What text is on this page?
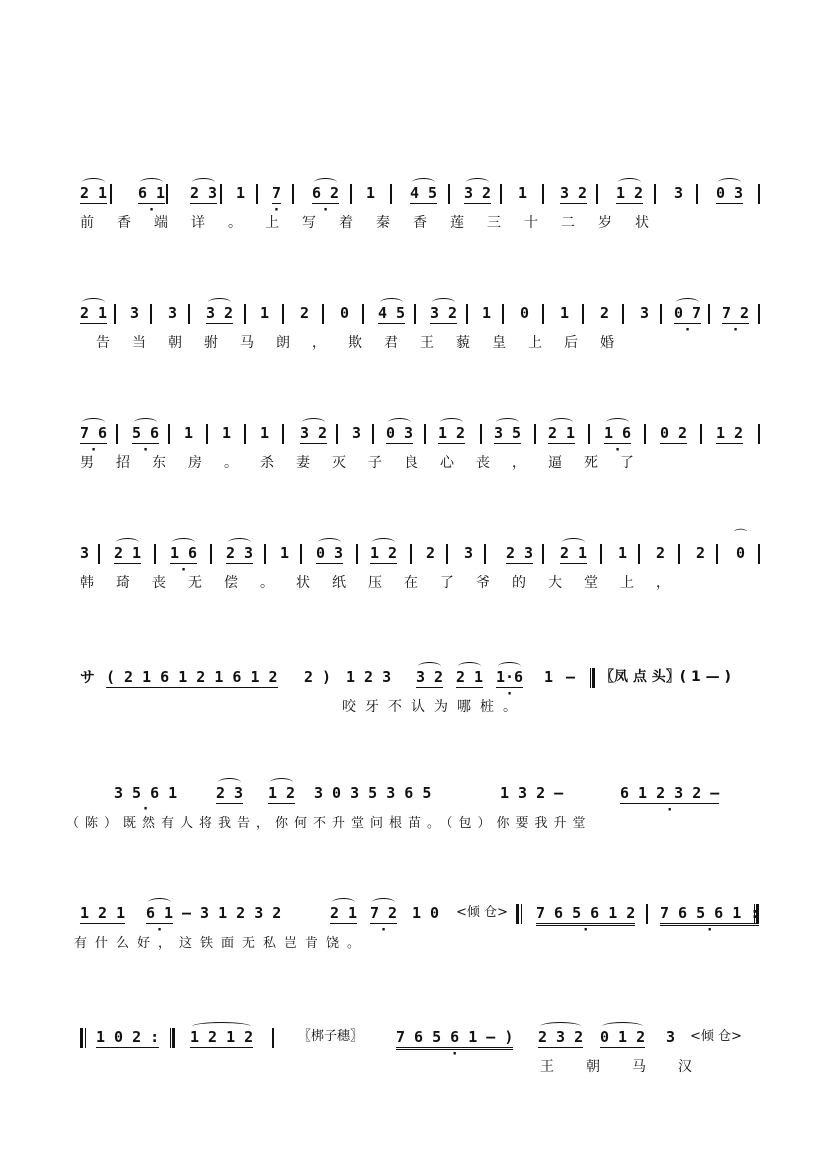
2 1 6 1 · 2 3 1 7 · 6 2 · 1 4 5 3 2 1 3 2 1 2 3 0 3
前香端详。上写着秦香莲三十二岁状
2 1 3 3 3 2 1 2 0 4 5 3 2 1 0 1 2 3 0 7 · 7 2 ·
告当朝驸马朗，欺君王藐皇上后婚
7 6 · 5 6 · 1 1 1 3 2 3 0 3 1 2 3 5 2 1 1 6 · 0 2 1 2
男招东房。杀妻灭子良心丧，逼死了
3 2 1 1 6 · 2 3 1 0 3 1 2 2 3 2 3 2 1 1 2 2 0
⌒
韩琦丧无偿。状纸压在了爷的大堂上，
サ ( 2 1 6 1 2 1 6 1 2 2 ) 1 2 3 3 2 2 1 1·6 · 1 — 〖凤 点 头〗( 1 — )
咬牙不认为哪桩。
3 5 6 1 ·	2 3 1 2 3 0 3 5 3 6 5	1 3 2 —	6 1 2 3 2 — ·
（陈）既然有人将我告，你何不升堂问根苗。（包）你要我升堂
1 2 1 6 1 · — 3 1 2 3 2	2 1 7 2 · 1 0 <倾 仓> 7 6 5 6 1 2 · 7 6 5 6 1 : ·
有什么好，这铁面无私岂肯饶。
1 0 2 : 1 2 1 2	〖梆子穗〗 7 6 5 6 1 — ) · 2 3 2 0 1 2 3 <倾 仓>
王朝马汉
